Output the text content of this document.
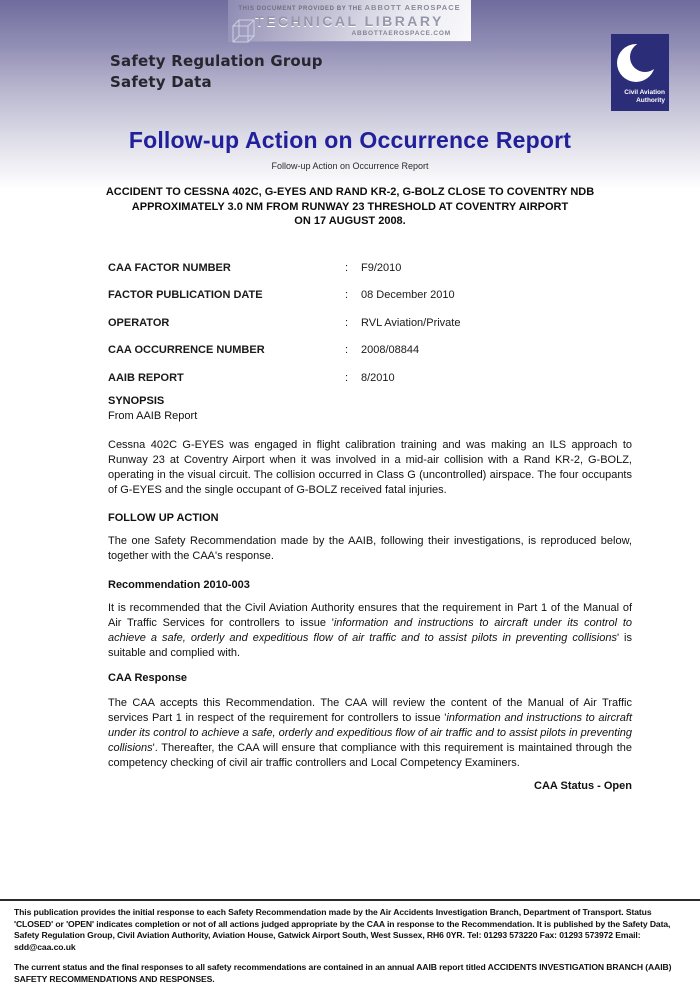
THIS DOCUMENT PROVIDED BY THE ABBOTT AEROSPACE
TECHNICAL LIBRARY
ABBOTTAEROSPACE.COM
Safety Regulation Group
Safety Data
Civil Aviation
Authority
Follow-up Action on Occurrence Report
Follow-up Action on Occurrence Report
ACCIDENT TO CESSNA 402C, G-EYES AND RAND KR-2, G-BOLZ CLOSE TO COVENTRY NDB
APPROXIMATELY 3.0 NM FROM RUNWAY 23 THRESHOLD AT COVENTRY AIRPORT
ON 17 AUGUST 2008.
CAA FACTOR NUMBER	:	F9/2010
FACTOR PUBLICATION DATE	:	08 December 2010
OPERATOR	:	RVL Aviation/Private
CAA OCCURRENCE NUMBER	:	2008/08844
AAIB REPORT	:	8/2010
SYNOPSIS
From AAIB Report
Cessna 402C G-EYES was engaged in flight calibration training and was making an ILS approach to Runway 23 at Coventry Airport when it was involved in a mid-air collision with a Rand KR-2, G-BOLZ, operating in the visual circuit. The collision occurred in Class G (uncontrolled) airspace. The four occupants of G-EYES and the single occupant of G-BOLZ received fatal injuries.
FOLLOW UP ACTION
The one Safety Recommendation made by the AAIB, following their investigations, is reproduced below, together with the CAA's response.
Recommendation 2010-003
It is recommended that the Civil Aviation Authority ensures that the requirement in Part 1 of the Manual of Air Traffic Services for controllers to issue 'information and instructions to aircraft under its control to achieve a safe, orderly and expeditious flow of air traffic and to assist pilots in preventing collisions' is suitable and complied with.
CAA Response
The CAA accepts this Recommendation. The CAA will review the content of the Manual of Air Traffic services Part 1 in respect of the requirement for controllers to issue 'information and instructions to aircraft under its control to achieve a safe, orderly and expeditious flow of air traffic and to assist pilots in preventing collisions'. Thereafter, the CAA will ensure that compliance with this requirement is maintained through the competency checking of civil air traffic controllers and Local Competency Examiners.
CAA Status - Open
This publication provides the initial response to each Safety Recommendation made by the Air Accidents Investigation Branch, Department of Transport. Status 'CLOSED' or 'OPEN' indicates completion or not of all actions judged appropriate by the CAA in response to the Recommendation. It is published by the Safety Data, Safety Regulation Group, Civil Aviation Authority, Aviation House, Gatwick Airport South, West Sussex, RH6 0YR. Tel: 01293 573220 Fax: 01293 573972 Email: sdd@caa.co.uk
The current status and the final responses to all safety recommendations are contained in an annual AAIB report titled ACCIDENTS INVESTIGATION BRANCH (AAIB) SAFETY RECOMMENDATIONS AND RESPONSES.
